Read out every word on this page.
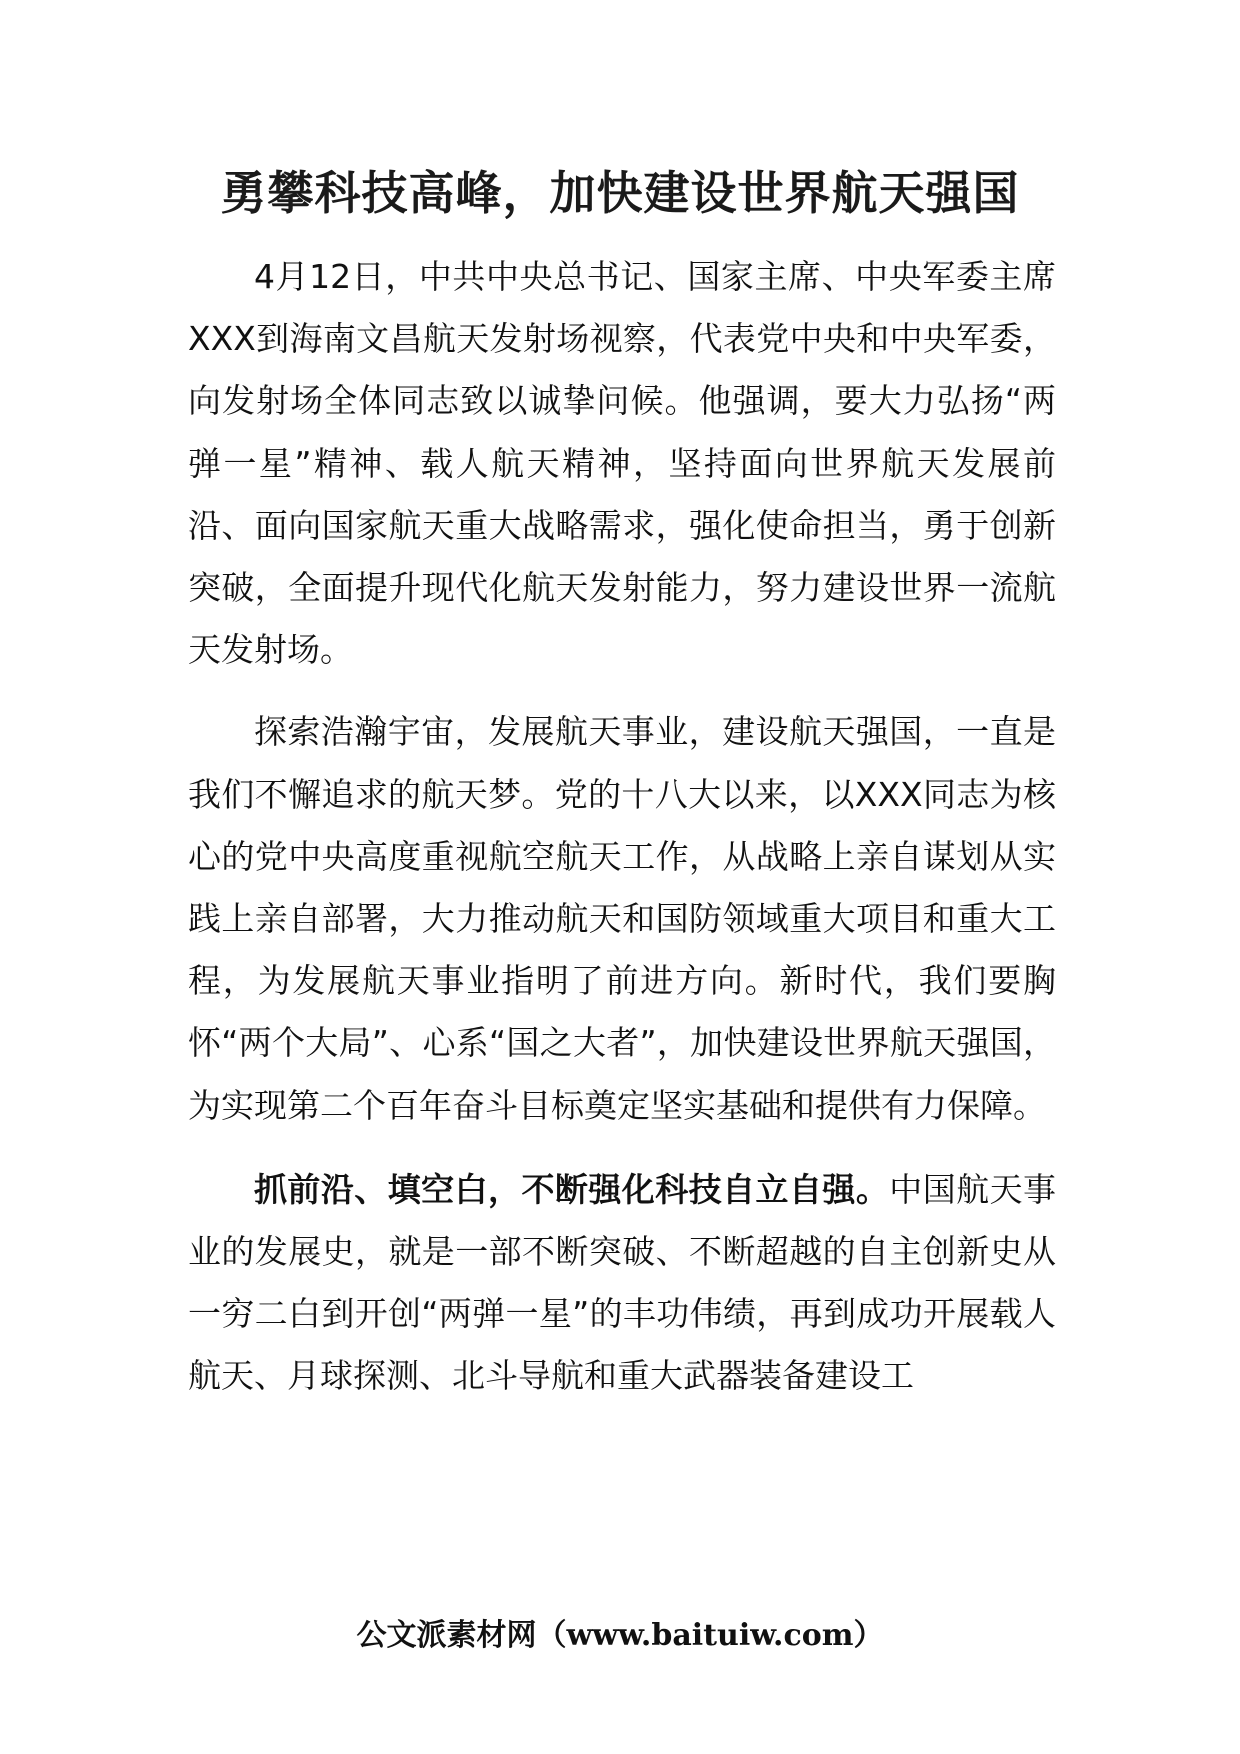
勇攀科技高峰，加快建设世界航天强国

4月12日，中共中央总书记、国家主席、中央军委主席XXX到海南文昌航天发射场视察，代表党中央和中央军委，向发射场全体同志致以诚挚问候。他强调，要大力弘扬“两弹一星”精神、载人航天精神，坚持面向世界航天发展前沿、面向国家航天重大战略需求，强化使命担当，勇于创新突破，全面提升现代化航天发射能力，努力建设世界一流航天发射场。

探索浩瀚宇宙，发展航天事业，建设航天强国，一直是我们不懈追求的航天梦。党的十八大以来，以XXX同志为核心的党中央高度重视航空航天工作，从战略上亲自谋划从实践上亲自部署，大力推动航天和国防领域重大项目和重大工程，为发展航天事业指明了前进方向。新时代，我们要胸怀“两个大局”、心系“国之大者”，加快建设世界航天强国，为实现第二个百年奋斗目标奠定坚实基础和提供有力保障。

抓前沿、填空白，不断强化科技自立自强。中国航天事业的发展史，就是一部不断突破、不断超越的自主创新史从一穷二白到开创“两弹一星”的丰功伟绩，再到成功开展载人航天、月球探测、北斗导航和重大武器装备建设工

公文派素材网（www.baituiw.com）
